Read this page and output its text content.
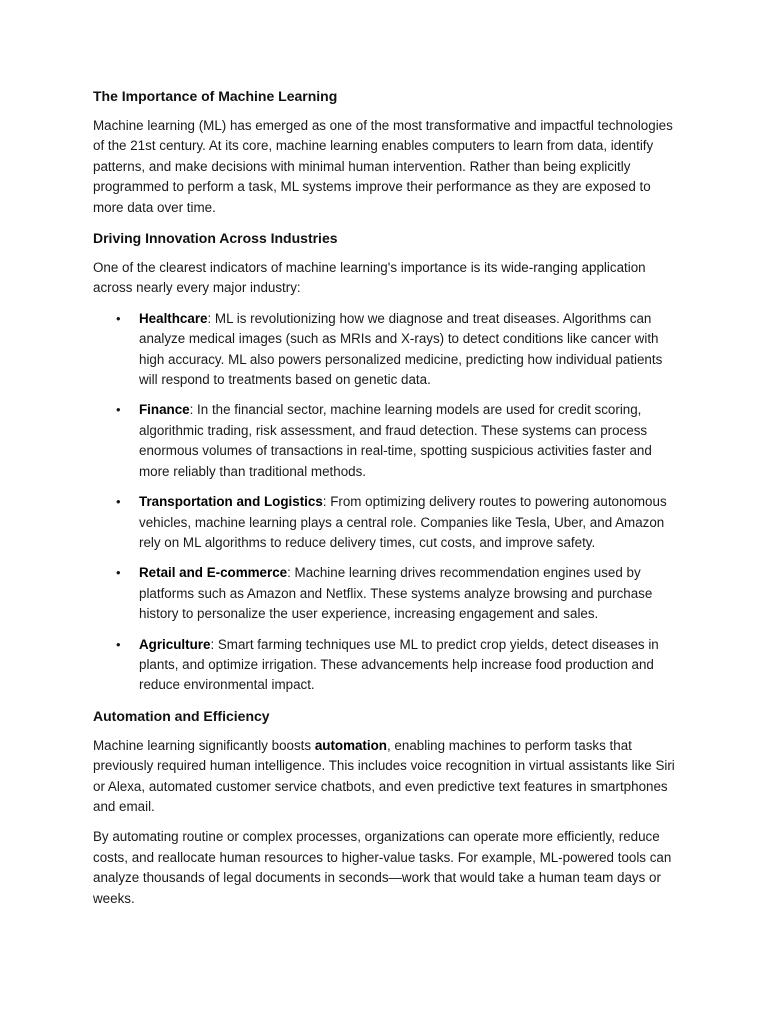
The Importance of Machine Learning

Machine learning (ML) has emerged as one of the most transformative and impactful technologies of the 21st century. At its core, machine learning enables computers to learn from data, identify patterns, and make decisions with minimal human intervention. Rather than being explicitly programmed to perform a task, ML systems improve their performance as they are exposed to more data over time.

Driving Innovation Across Industries

One of the clearest indicators of machine learning's importance is its wide-ranging application across nearly every major industry:

• Healthcare: ML is revolutionizing how we diagnose and treat diseases. Algorithms can analyze medical images (such as MRIs and X-rays) to detect conditions like cancer with high accuracy. ML also powers personalized medicine, predicting how individual patients will respond to treatments based on genetic data.
• Finance: In the financial sector, machine learning models are used for credit scoring, algorithmic trading, risk assessment, and fraud detection. These systems can process enormous volumes of transactions in real-time, spotting suspicious activities faster and more reliably than traditional methods.
• Transportation and Logistics: From optimizing delivery routes to powering autonomous vehicles, machine learning plays a central role. Companies like Tesla, Uber, and Amazon rely on ML algorithms to reduce delivery times, cut costs, and improve safety.
• Retail and E-commerce: Machine learning drives recommendation engines used by platforms such as Amazon and Netflix. These systems analyze browsing and purchase history to personalize the user experience, increasing engagement and sales.
• Agriculture: Smart farming techniques use ML to predict crop yields, detect diseases in plants, and optimize irrigation. These advancements help increase food production and reduce environmental impact.
Automation and Efficiency

Machine learning significantly boosts automation, enabling machines to perform tasks that previously required human intelligence. This includes voice recognition in virtual assistants like Siri or Alexa, automated customer service chatbots, and even predictive text features in smartphones and email.

By automating routine or complex processes, organizations can operate more efficiently, reduce costs, and reallocate human resources to higher-value tasks. For example, ML-powered tools can analyze thousands of legal documents in seconds—work that would take a human team days or weeks.
